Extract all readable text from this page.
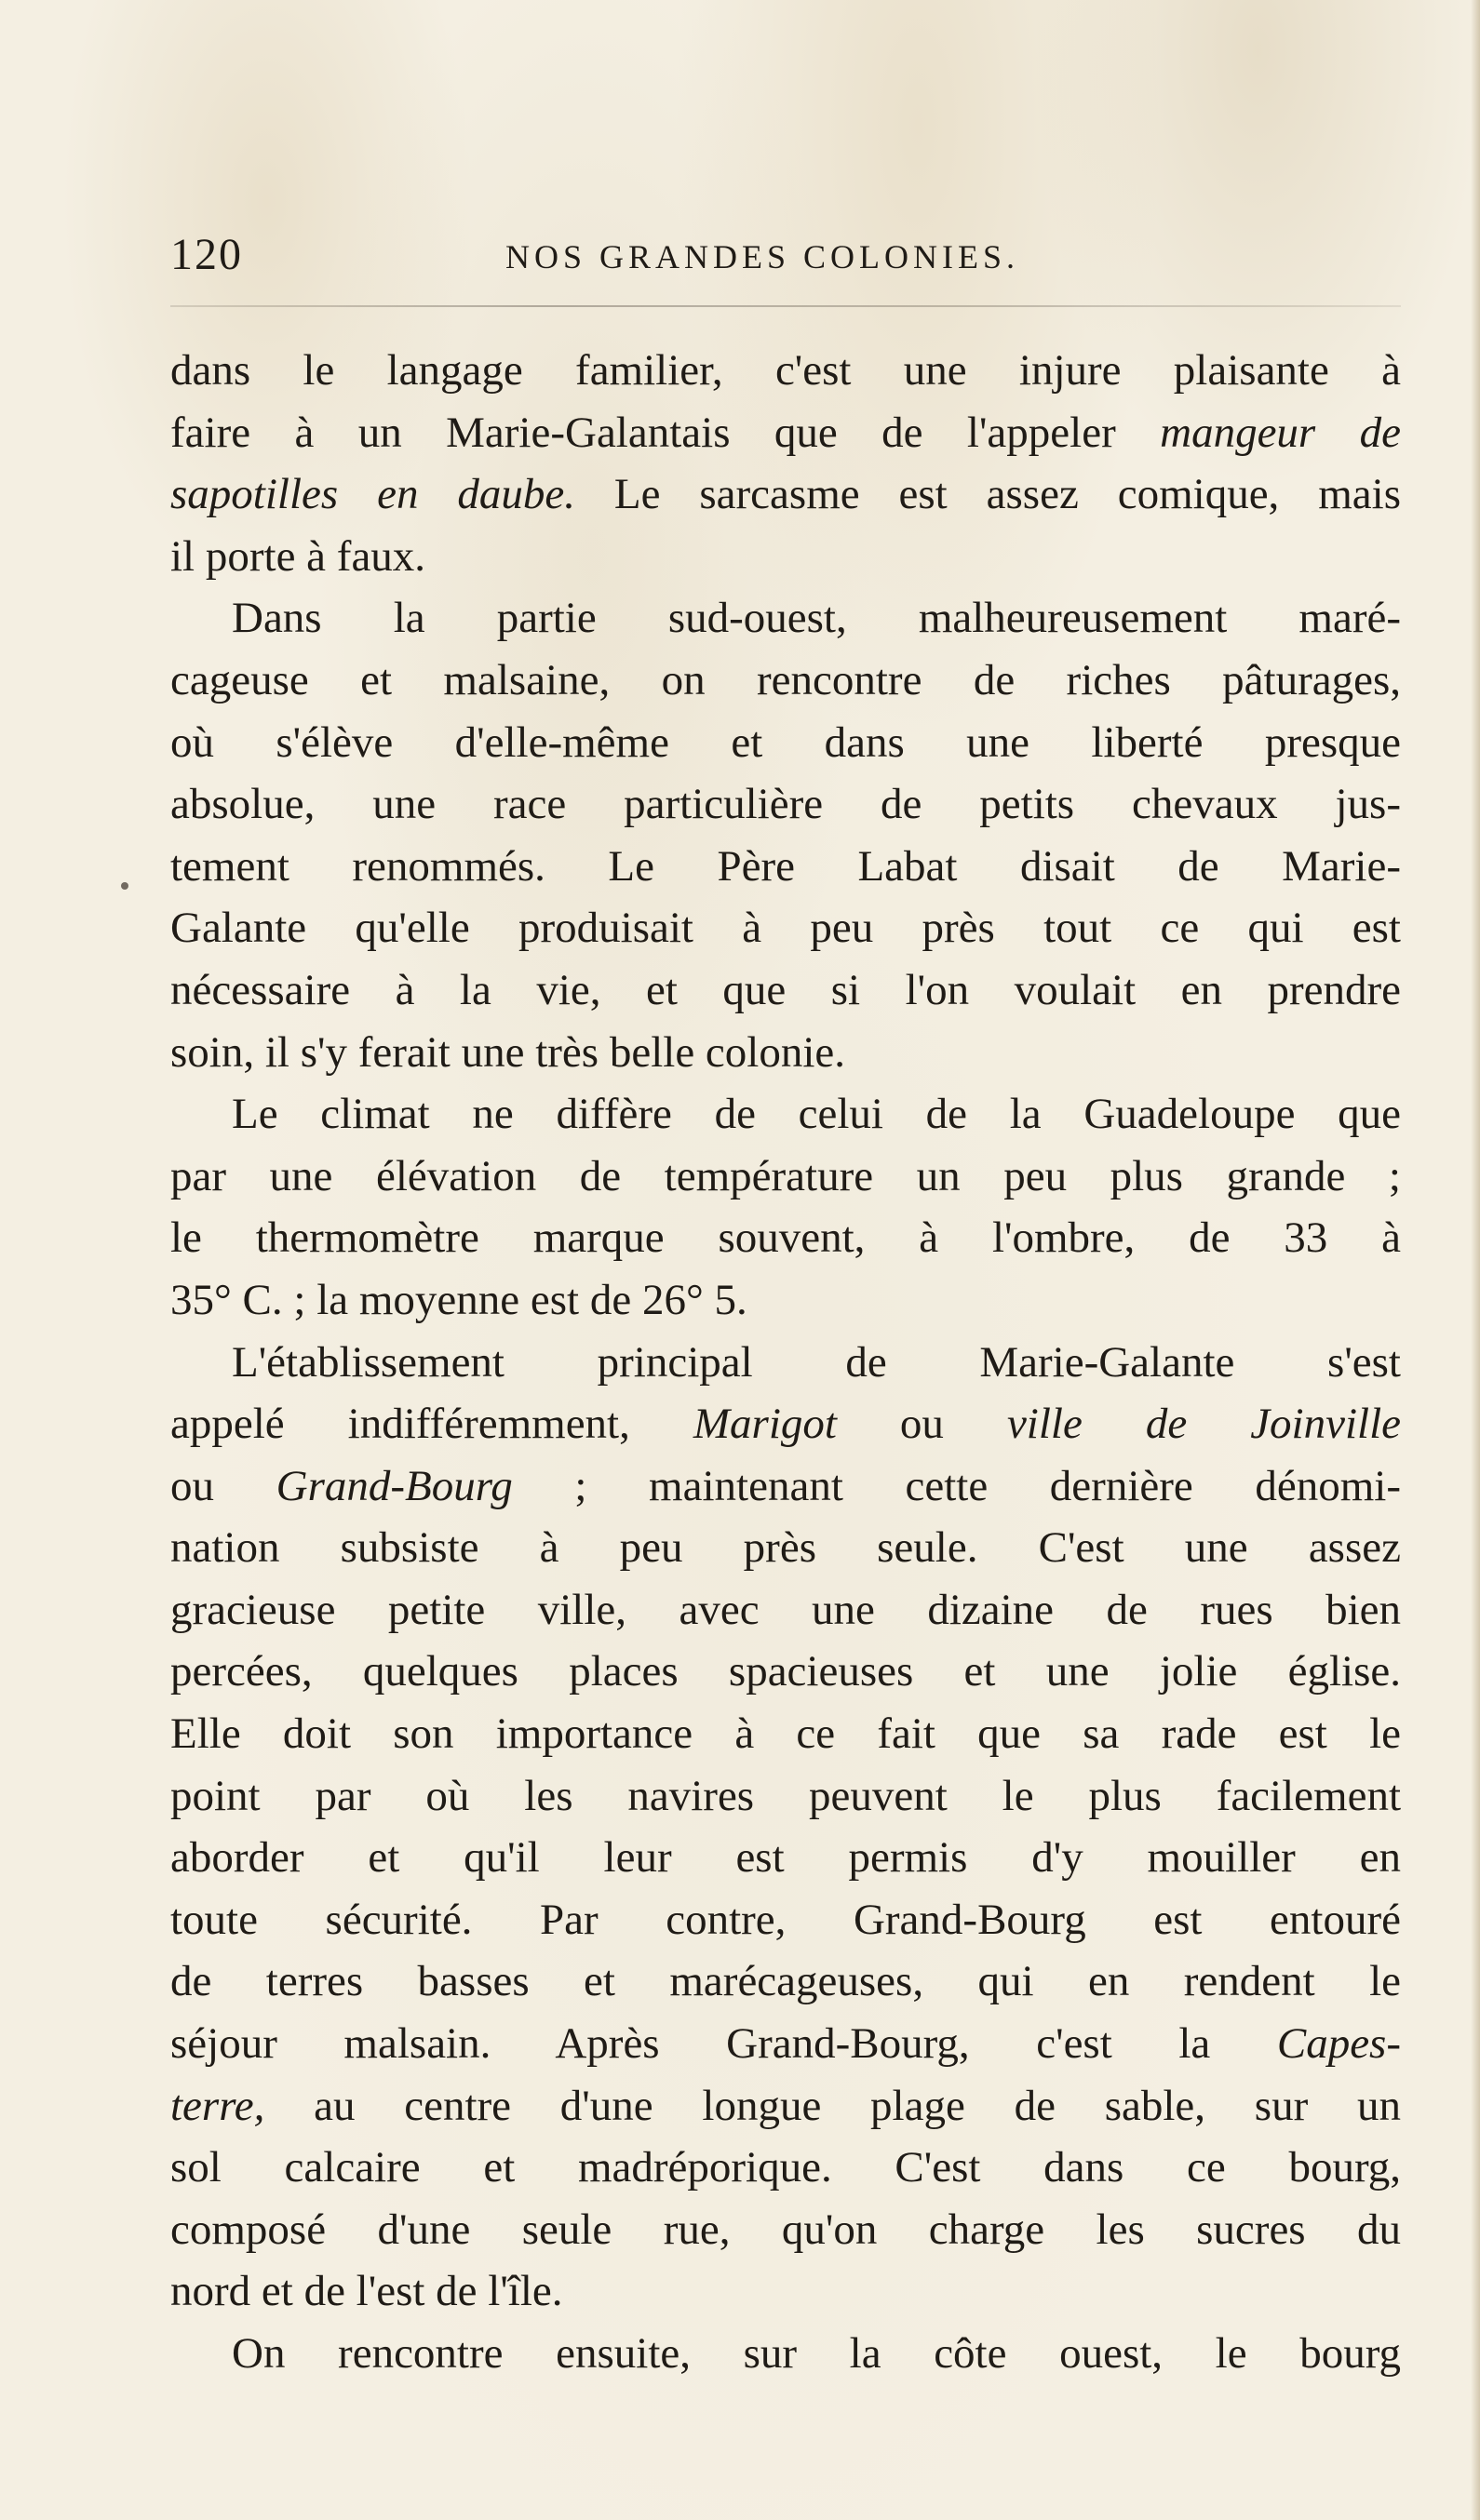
120	NOS GRANDES COLONIES.
dans le langage familier, c'est une injure plaisante à
faire à un Marie-Galantais que de l'appeler mangeur de
sapotilles en daube. Le sarcasme est assez comique, mais
il porte à faux.
Dans la partie sud-ouest, malheureusement maré-
cageuse et malsaine, on rencontre de riches pâturages,
où s'élève d'elle-même et dans une liberté presque
absolue, une race particulière de petits chevaux jus-
tement renommés. Le Père Labat disait de Marie-
Galante qu'elle produisait à peu près tout ce qui est
nécessaire à la vie, et que si l'on voulait en prendre
soin, il s'y ferait une très belle colonie.
Le climat ne diffère de celui de la Guadeloupe que
par une élévation de température un peu plus grande ;
le thermomètre marque souvent, à l'ombre, de 33 à
35° C. ; la moyenne est de 26° 5.
L'établissement principal de Marie-Galante s'est
appelé indifféremment, Marigot ou ville de Joinville
ou Grand-Bourg ; maintenant cette dernière dénomi-
nation subsiste à peu près seule. C'est une assez
gracieuse petite ville, avec une dizaine de rues bien
percées, quelques places spacieuses et une jolie église.
Elle doit son importance à ce fait que sa rade est le
point par où les navires peuvent le plus facilement
aborder et qu'il leur est permis d'y mouiller en
toute sécurité. Par contre, Grand-Bourg est entouré
de terres basses et marécageuses, qui en rendent le
séjour malsain. Après Grand-Bourg, c'est la Capes-
terre, au centre d'une longue plage de sable, sur un
sol calcaire et madréporique. C'est dans ce bourg,
composé d'une seule rue, qu'on charge les sucres du
nord et de l'est de l'île.
On rencontre ensuite, sur la côte ouest, le bourg
